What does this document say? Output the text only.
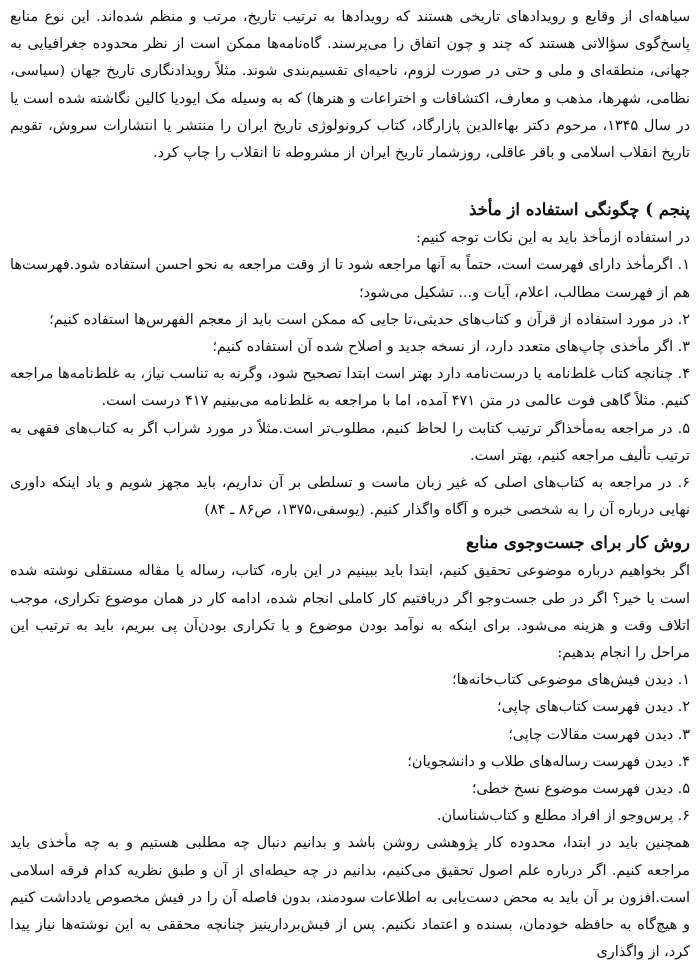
سیاهه‌ای از وقایع و رویدادهای تاریخی هستند که رویدادها به ترتیب تاریخ، مرتب و منظم شده‌اند. این نوع منابع پاسخ‌گوی سؤالاتی هستند که چند و چون اتفاق را می‌پرسند. گاه‌نامه‌ها ممکن است از نظر محدوده جغرافیایی به جهانی، منطقه‌ای و ملی و حتی در صورت لزوم، ناحیه‌ای تقسیم‌بندی شوند. مثلاً رویدادنگاری تاریخ جهان (سیاسی، نظامی، شهرها، مذهب و معارف، اکتشافات و اختراعات و هنرها) که به وسیله مک ایودیا کالین نگاشته شده است یا در سال ۱۳۴۵، مرحوم دکتر بهاءالدین پازارگاد، کتاب کرونولوژی تاریخ ایران را منتشر یا انتشارات سروش، تقویم تاریخ انقلاب اسلامی و باقر عاقلی، روزشمار تاریخ ایران از مشروطه تا انقلاب را چاپ کرد.

پنجم ) چگونگی استفاده از مأخذ

در استفاده ازمأخذ باید به این نکات توجه کنیم:

۱. اگرمأخذ دارای فهرست است، حتماً به آنها مراجعه شود تا از وقت مراجعه به نحو احسن استفاده شود.فهرست‌ها هم از فهرست مطالب، اعلام، آیات و... تشکیل می‌شود؛

۲. در مورد استفاده از قرآن و کتاب‌های حدیثی،تا جایی که ممکن است باید از معجم الفهرس‌ها استفاده کنیم؛

۳. اگر مأخذی چاپ‌های متعدد دارد، از نسخه جدید و اصلاح شده آن استفاده کنیم؛

۴. چنانچه کتاب غلط‌نامه یا درست‌نامه دارد بهتر است ابتدا تصحیح شود، وگرنه به تناسب نیاز، به غلط‌نامه‌ها مراجعه کنیم. مثلاً گاهی فوت عالمی در متن ۴۷۱ آمده، اما با مراجعه به غلط‌نامه می‌بینیم ۴۱۷ درست است.

۵. در مراجعه به‌مأخذاگر ترتیب کتابت را لحاظ کنیم، مطلوب‌تر است.مثلاً در مورد شراب اگر به کتاب‌های فقهی به ترتیب تألیف مراجعه کنیم، بهتر است.

۶. در مراجعه به کتاب‌های اصلی که غیر زبان ماست و تسلطی بر آن نداریم، باید مجهز شویم و یاد اینکه داوری نهایی درباره آن را به شخصی خبره و آگاه واگذار کنیم. (یوسفی،۱۳۷۵، ص۸۶ ـ ۸۴)

روش کار برای جست‌وجوی منابع

اگر بخواهیم درباره موضوعی تحقیق کنیم، ابتدا باید ببینیم در این باره، کتاب، رساله یا مقاله مستقلی نوشته شده است یا خیر؟ اگر در طی جست‌وجو اگر دریافتیم کار کاملی انجام شده، ادامه کار در همان موضوع تکراری، موجب اتلاف وقت و هزینه می‌شود. برای اینکه به نوآمد بودن موضوع و یا تکراری بودن‌آن پی ببریم، باید به ترتیب این مراحل را انجام بدهیم:

۱. دیدن فیش‌های موضوعی کتاب‌خانه‌ها؛

۲. دیدن فهرست کتاب‌های چاپی؛

۳. دیدن فهرست مقالات چاپی؛

۴. دیدن فهرست رساله‌های طلاب و دانشجویان؛

۵. دیدن فهرست موضوع نسخ خطی؛

۶. پرس‌وجو از افراد مطلع و کتاب‌شناسان.

همچنین باید در ابتدا، محدوده کار پژوهشی روشن باشد و بدانیم دنبال چه مطلبی هستیم و به چه مأخذی باید مراجعه کنیم. اگر درباره علم اصول تحقیق می‌کنیم، بدانیم در چه حیطه‌ای از آن و طبق نظریه کدام فرقه اسلامی است.افزون بر آن باید به محض دست‌یابی به اطلاعات سودمند، بدون فاصله آن را در فیش مخصوص یادداشت کنیم و هیچ‌گاه به حافظه خودمان، بسنده و اعتماد نکنیم. پس از فیش‌بردارینیز چنانچه محققی به این نوشته‌ها نیاز پیدا کرد، از واگذاری
